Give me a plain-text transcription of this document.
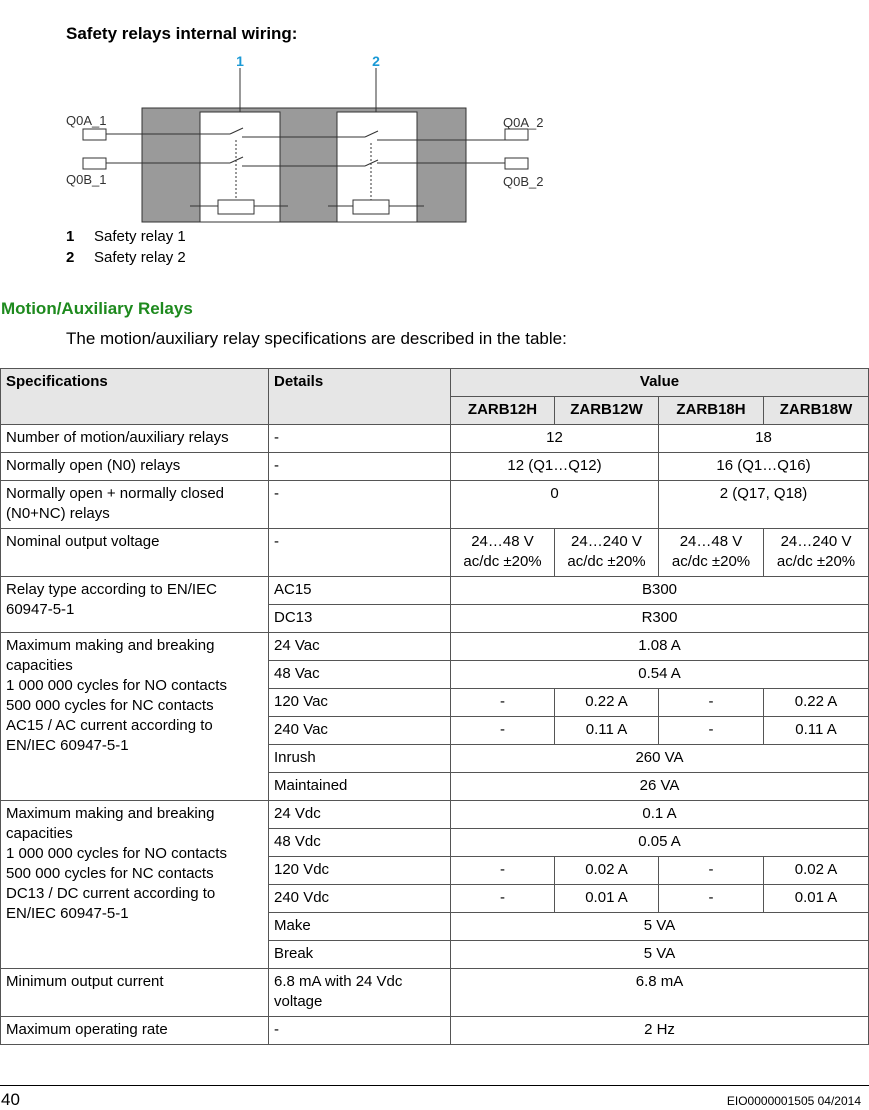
Safety relays internal wiring:
1	2
Q0A_1
Q0B_1
Q0A_2
Q0B_2
1 Safety relay 1
2 Safety relay 2
Motion/Auxiliary Relays
The motion/auxiliary relay specifications are described in the table:
Specifications	Details	Value			
		ZARB12H	ZARB12W	ZARB18H	ZARB18W
Number of motion/auxiliary relays	-	12		18	
Normally open (N0) relays	-	12 (Q1…Q12)		16 (Q1…Q16)	
Normally open + normally closed (N0+NC) relays	-	0		2 (Q17, Q18)	
Nominal output voltage	-	24…48 V ac/dc ±20%	24…240 V ac/dc ±20%	24…48 V ac/dc ±20%	24…240 V ac/dc ±20%
Relay type according to EN/IEC 60947-5-1	AC15	B300			
	DC13	R300			

Maximum making and breaking capacities
1 000 000 cycles for NO contacts
500 000 cycles for NC contacts
AC15 / AC current according to EN/IEC 60947-5-1	24 Vac	1.08 A			
	48 Vac	0.54 A			
	120 Vac	-	0.22 A	-	0.22 A
	240 Vac	-	0.11 A	-	0.11 A
	Inrush	260 VA			
	Maintained	26 VA			

Maximum making and breaking capacities
1 000 000 cycles for NO contacts
500 000 cycles for NC contacts
DC13 / DC current according to EN/IEC 60947-5-1	24 Vdc	0.1 A			
	48 Vdc	0.05 A			
	120 Vdc	-	0.02 A	-	0.02 A
	240 Vdc	-	0.01 A	-	0.01 A
	Make	5 VA			
	Break	5 VA			
Minimum output current	6.8 mA with 24 Vdc voltage	6.8 mA			
Maximum operating rate	-	2 Hz			
40	EIO0000001505 04/2014
